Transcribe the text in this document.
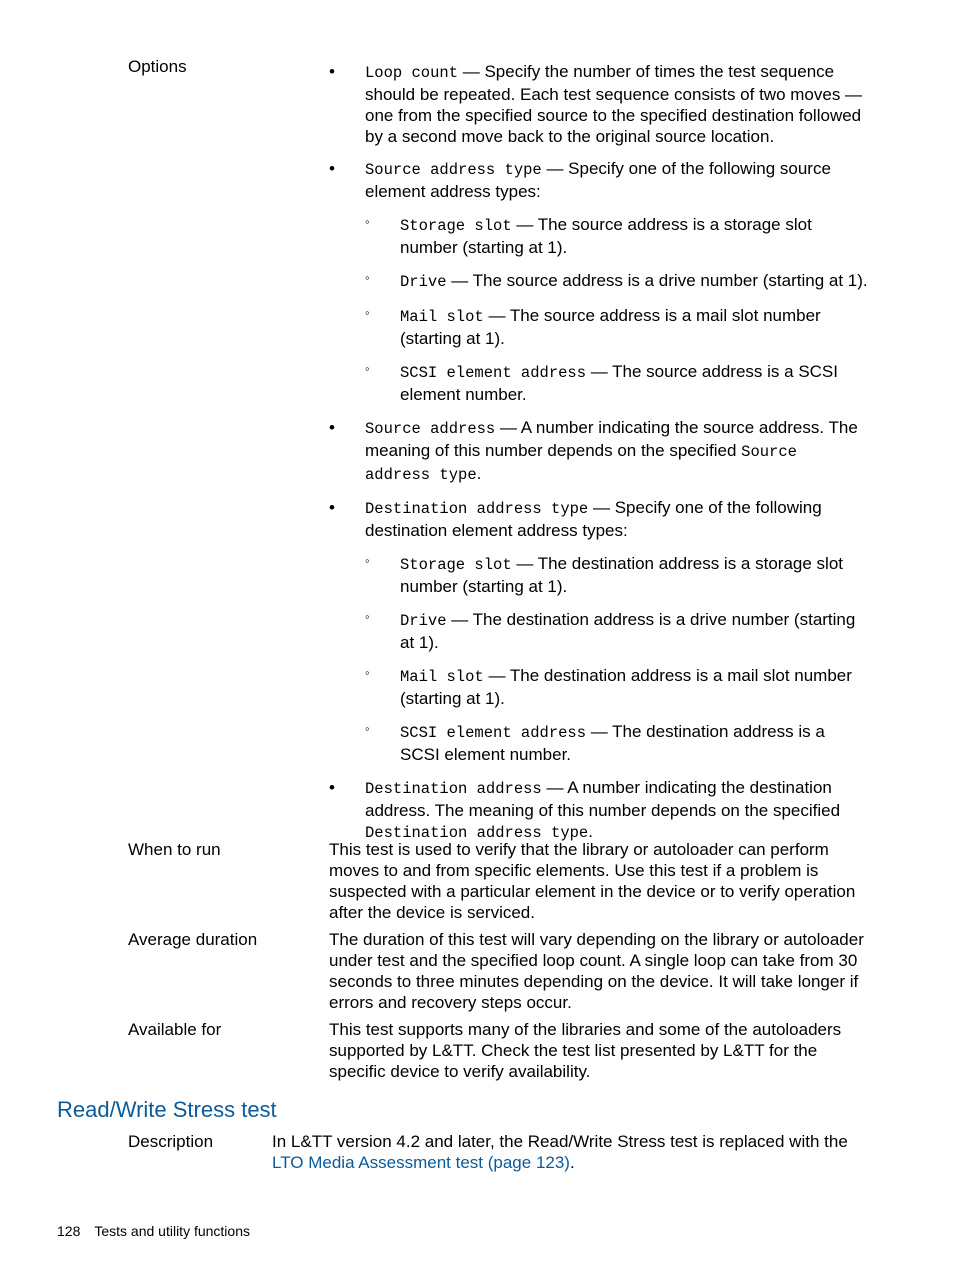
Options	•	Loop count — Specify the number of times the test sequence should be repeated. Each test sequence consists of two moves — one from the specified source to the specified destination followed by a second move back to the original source location.
•	Source address type — Specify one of the following source element address types:
◦ Storage slot — The source address is a storage slot number (starting at 1).
◦ Drive — The source address is a drive number (starting at 1).
◦ Mail slot — The source address is a mail slot number (starting at 1).
◦ SCSI element address — The source address is a SCSI element number.
•	Source address — A number indicating the source address. The meaning of this number depends on the specified Source address type.
•	Destination address type — Specify one of the following destination element address types:
◦ Storage slot — The destination address is a storage slot number (starting at 1).
◦ Drive — The destination address is a drive number (starting at 1).
◦ Mail slot — The destination address is a mail slot number (starting at 1).
◦ SCSI element address — The destination address is a SCSI element number.
•	Destination address — A number indicating the destination address. The meaning of this number depends on the specified Destination address type.
When to run	This test is used to verify that the library or autoloader can perform moves to and from specific elements. Use this test if a problem is suspected with a particular element in the device or to verify operation after the device is serviced.
Average duration	The duration of this test will vary depending on the library or autoloader under test and the specified loop count. A single loop can take from 30 seconds to three minutes depending on the device. It will take longer if errors and recovery steps occur.
Available for	This test supports many of the libraries and some of the autoloaders supported by L&TT. Check the test list presented by L&TT for the specific device to verify availability.
Read/Write Stress test
Description	In L&TT version 4.2 and later, the Read/Write Stress test is replaced with the LTO Media Assessment test (page 123).
128 Tests and utility functions
